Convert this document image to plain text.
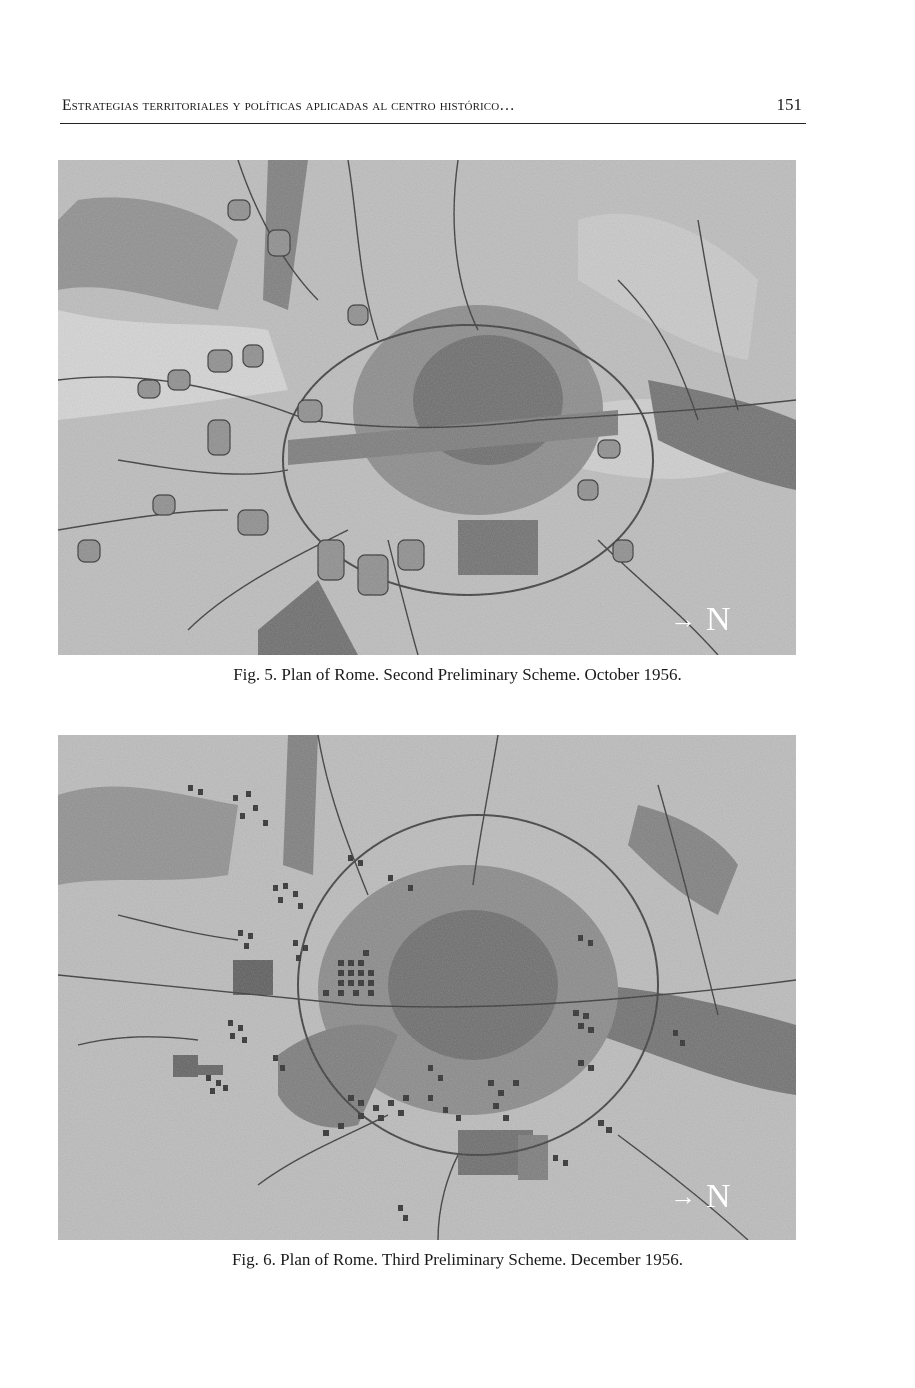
Estrategias territoriales y políticas aplicadas al centro histórico…	151
→ N
Fig. 5. Plan of Rome. Second Preliminary Scheme. October 1956.
→ N
Fig. 6. Plan of Rome. Third Preliminary Scheme. December 1956.
